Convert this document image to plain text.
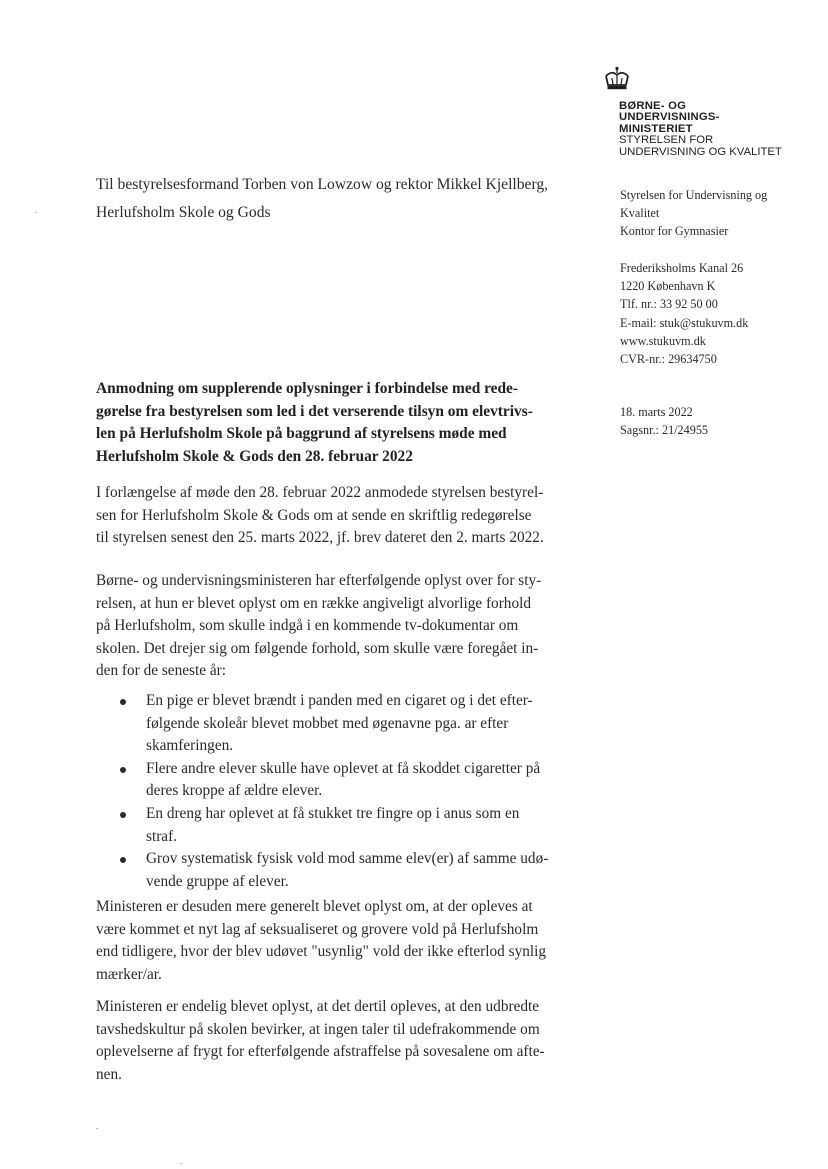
BØRNE- OG
UNDERVISNINGS-
MINISTERIET
STYRELSEN FOR
UNDERVISNING OG KVALITET
Til bestyrelsesformand Torben von Lowzow og rektor Mikkel Kjellberg,
Herlufsholm Skole og Gods
Styrelsen for Undervisning og
Kvalitet
Kontor for Gymnasier
Frederiksholms Kanal 26
1220 København K
Tlf. nr.: 33 92 50 00
E-mail: stuk@stukuvm.dk
www.stukuvm.dk
CVR-nr.: 29634750
18. marts 2022
Sagsnr.: 21/24955
Anmodning om supplerende oplysninger i forbindelse med rede-
gørelse fra bestyrelsen som led i det verserende tilsyn om elevtrivs-
len på Herlufsholm Skole på baggrund af styrelsens møde med
Herlufsholm Skole & Gods den 28. februar 2022
I forlængelse af møde den 28. februar 2022 anmodede styrelsen bestyrel-
sen for Herlufsholm Skole & Gods om at sende en skriftlig redegørelse
til styrelsen senest den 25. marts 2022, jf. brev dateret den 2. marts 2022.
Børne- og undervisningsministeren har efterfølgende oplyst over for sty-
relsen, at hun er blevet oplyst om en række angiveligt alvorlige forhold
på Herlufsholm, som skulle indgå i en kommende tv-dokumentar om
skolen. Det drejer sig om følgende forhold, som skulle være foregået in-
den for de seneste år:
En pige er blevet brændt i panden med en cigaret og i det efter-
følgende skoleår blevet mobbet med øgenavne pga. ar efter
skamferingen.
Flere andre elever skulle have oplevet at få skoddet cigaretter på
deres kroppe af ældre elever.
En dreng har oplevet at få stukket tre fingre op i anus som en
straf.
Grov systematisk fysisk vold mod samme elev(er) af samme udø-
vende gruppe af elever.
Ministeren er desuden mere generelt blevet oplyst om, at der opleves at
være kommet et nyt lag af seksualiseret og grovere vold på Herlufsholm
end tidligere, hvor der blev udøvet "usynlig" vold der ikke efterlod synlig
mærker/ar.
Ministeren er endelig blevet oplyst, at det dertil opleves, at den udbredte
tavshedskultur på skolen bevirker, at ingen taler til udefrakommende om
oplevelserne af frygt for efterfølgende afstraffelse på sovesalene om afte-
nen.
